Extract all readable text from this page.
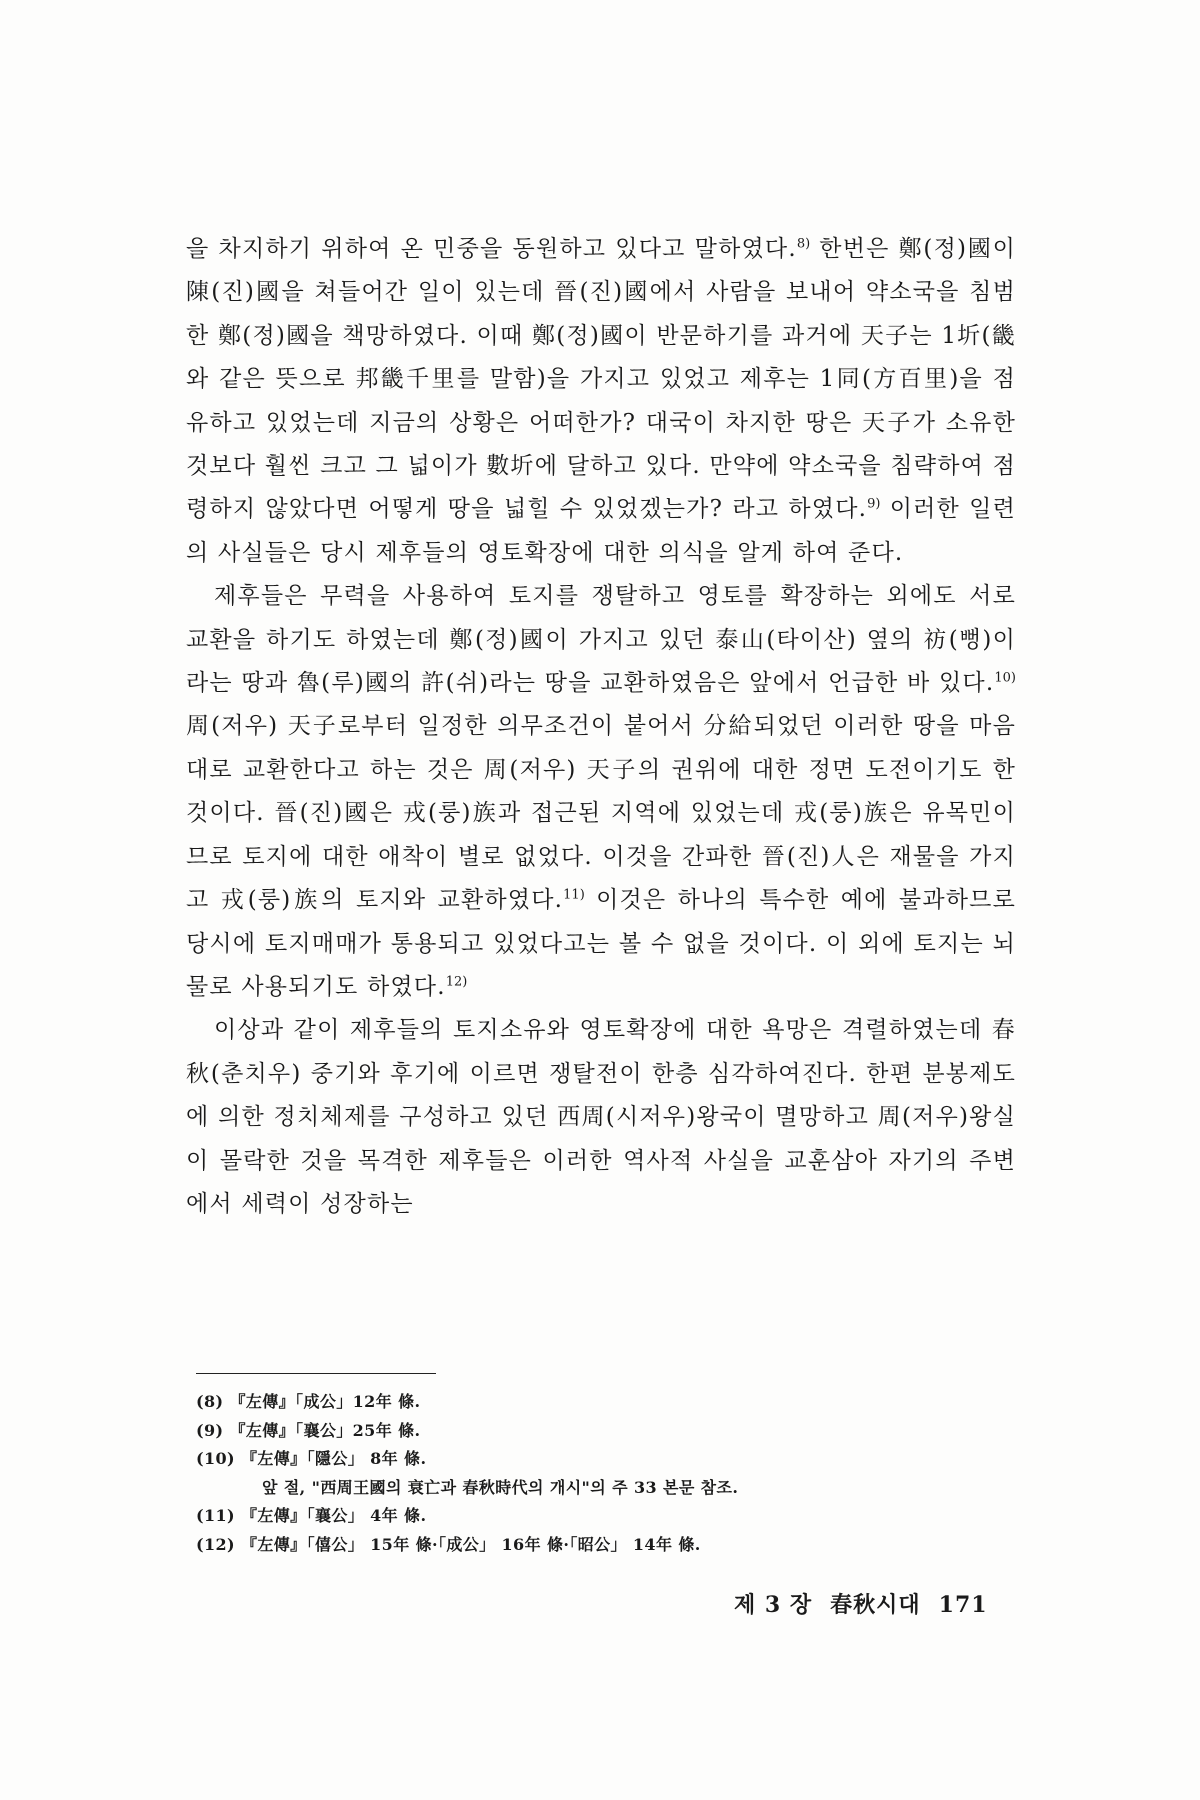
을 차지하기 위하여 온 민중을 동원하고 있다고 말하였다.$^{8)}$ 한번은 鄭(정)國이 陳(진)國을 쳐들어간 일이 있는데 晉(진)國에서 사람을 보내어 약소국을 침범한 鄭(정)國을 책망하였다. 이때 鄭(정)國이 반문하기를 과거에 天子는 1圻(畿와 같은 뜻으로 邦畿千里를 말함)을 가지고 있었고 제후는 1同(方百里)을 점유하고 있었는데 지금의 상황은 어떠한가? 대국이 차지한 땅은 天子가 소유한 것보다 훨씬 크고 그 넓이가 數圻에 달하고 있다. 만약에 약소국을 침략하여 점령하지 않았다면 어떻게 땅을 넓힐 수 있었겠는가? 라고 하였다.$^{9)}$ 이러한 일련의 사실들은 당시 제후들의 영토확장에 대한 의식을 알게 하여 준다.

제후들은 무력을 사용하여 토지를 쟁탈하고 영토를 확장하는 외에도 서로 교환을 하기도 하였는데 鄭(정)國이 가지고 있던 泰山(타이산) 옆의 祊(뻥)이라는 땅과 魯(루)國의 許(쉬)라는 땅을 교환하였음은 앞에서 언급한 바 있다.$^{10)}$ 周(저우) 天子로부터 일정한 의무조건이 붙어서 分給되었던 이러한 땅을 마음대로 교환한다고 하는 것은 周(저우) 天子의 권위에 대한 정면 도전이기도 한 것이다. 晉(진)國은 戎(룽)族과 접근된 지역에 있었는데 戎(룽)族은 유목민이므로 토지에 대한 애착이 별로 없었다. 이것을 간파한 晉(진)人은 재물을 가지고 戎(룽)族의 토지와 교환하였다.$^{11)}$ 이것은 하나의 특수한 예에 불과하므로 당시에 토지매매가 통용되고 있었다고는 볼 수 없을 것이다. 이 외에 토지는 뇌물로 사용되기도 하였다.$^{12)}$

이상과 같이 제후들의 토지소유와 영토확장에 대한 욕망은 격렬하였는데 春秋(춘치우) 중기와 후기에 이르면 쟁탈전이 한층 심각하여진다. 한편 분봉제도에 의한 정치체제를 구성하고 있던 西周(시저우)왕국이 멸망하고 周(저우)왕실이 몰락한 것을 목격한 제후들은 이러한 역사적 사실을 교훈삼아 자기의 주변에서 세력이 성장하는

(8) 『左傳』「成公」12年 條.

(9) 『左傳』「襄公」25年 條.

(10) 『左傳』「隱公」 8年 條.

앞 절, "西周王國의 衰亡과 春秋時代의 개시"의 주 33 본문 참조.

(11) 『左傳』「襄公」 4年 條.

(12) 『左傳』「僖公」 15年 條·「成公」 16年 條·「昭公」 14年 條.

제 3 장 春秋시대 171
